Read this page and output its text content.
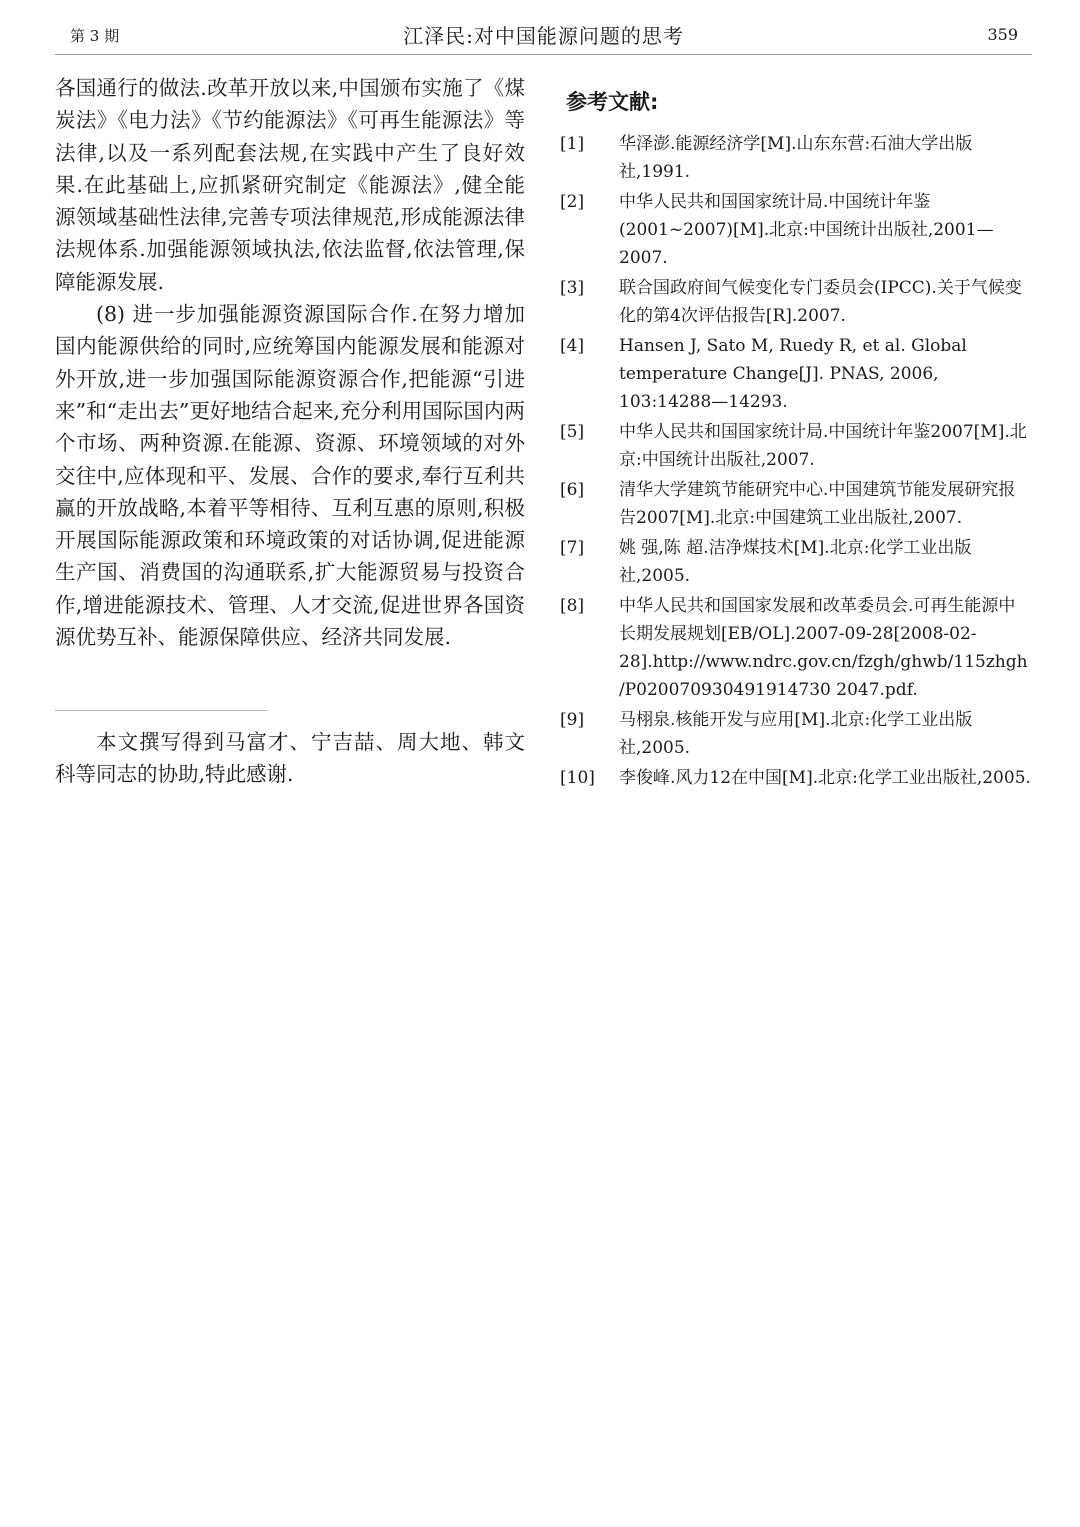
第 3 期	江泽民:对中国能源问题的思考	359

各国通行的做法.改革开放以来,中国颁布实施了《煤炭法》《电力法》《节约能源法》《可再生能源法》等法律,以及一系列配套法规,在实践中产生了良好效果.在此基础上,应抓紧研究制定《能源法》,健全能源领域基础性法律,完善专项法律规范,形成能源法律法规体系.加强能源领域执法,依法监督,依法管理,保障能源发展.

(8) 进一步加强能源资源国际合作.在努力增加国内能源供给的同时,应统筹国内能源发展和能源对外开放,进一步加强国际能源资源合作,把能源“引进来”和“走出去”更好地结合起来,充分利用国际国内两个市场、两种资源.在能源、资源、环境领域的对外交往中,应体现和平、发展、合作的要求,奉行互利共赢的开放战略,本着平等相待、互利互惠的原则,积极开展国际能源政策和环境政策的对话协调,促进能源生产国、消费国的沟通联系,扩大能源贸易与投资合作,增进能源技术、管理、人才交流,促进世界各国资源优势互补、能源保障供应、经济共同发展.

本文撰写得到马富才、宁吉喆、周大地、韩文科等同志的协助,特此感谢.
参考文献:
[1]	华泽澎.能源经济学[M].山东东营:石油大学出版社,1991.
[2]	中华人民共和国国家统计局.中国统计年鉴(2001~2007)[M].北京:中国统计出版社,2001—2007.
[3]	联合国政府间气候变化专门委员会(IPCC).关于气候变化的第4次评估报告[R].2007.
[4]	Hansen J, Sato M, Ruedy R, et al. Global temperature Change[J]. PNAS, 2006, 103:14288—14293.
[5]	中华人民共和国国家统计局.中国统计年鉴2007[M].北京:中国统计出版社,2007.
[6]	清华大学建筑节能研究中心.中国建筑节能发展研究报告2007[M].北京:中国建筑工业出版社,2007.
[7]	姚 强,陈 超.洁净煤技术[M].北京:化学工业出版社,2005.
[8]	中华人民共和国国家发展和改革委员会.可再生能源中长期发展规划[EB/OL].2007-09-28[2008-02-28].http://www.ndrc.gov.cn/fzgh/ghwb/115zhgh/P020070930491914730 2047.pdf.
[9]	马栩泉.核能开发与应用[M].北京:化学工业出版社,2005.
[10]	李俊峰.风力12在中国[M].北京:化学工业出版社,2005.
